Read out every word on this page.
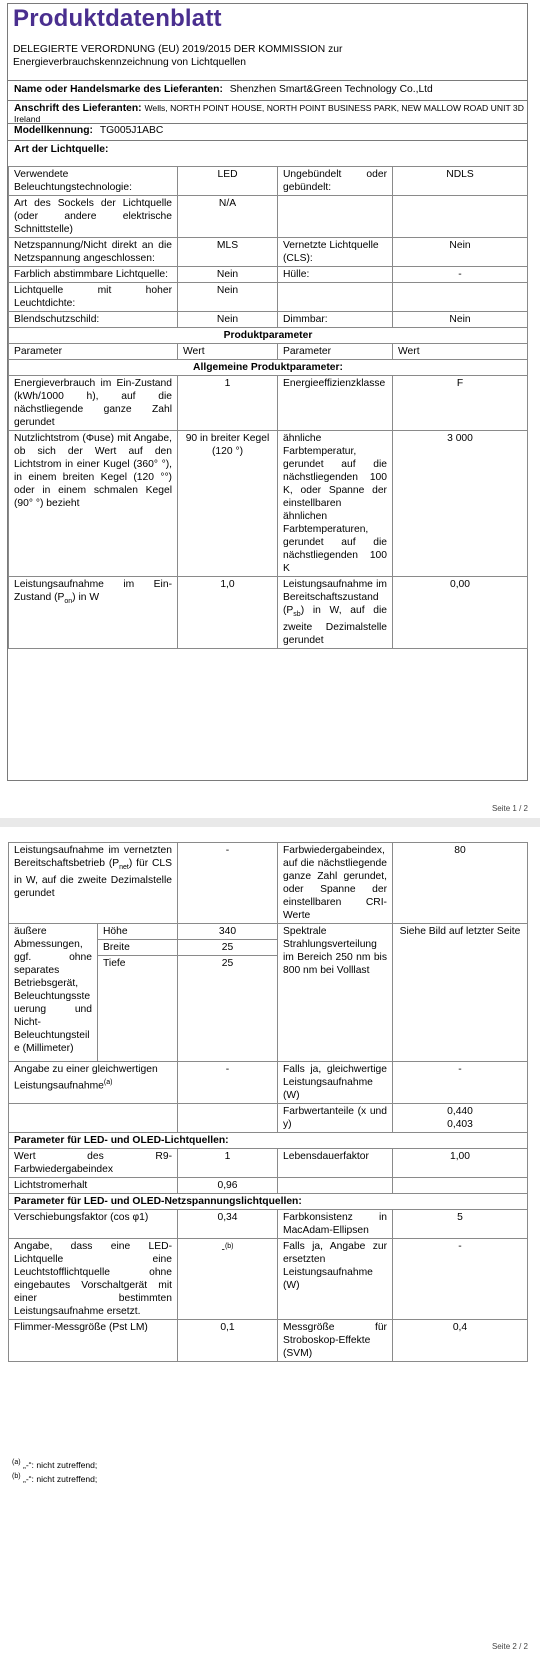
Produktdatenblatt
DELEGIERTE VERORDNUNG (EU) 2019/2015 DER KOMMISSION zur Energieverbrauchskennzeichnung von Lichtquellen
Name oder Handelsmarke des Lieferanten: Shenzhen Smart&Green Technology Co.,Ltd
Anschrift des Lieferanten: Wells, NORTH POINT HOUSE, NORTH POINT BUSINESS PARK, NEW MALLOW ROAD UNIT 3D Ireland
Modellkennung: TG005J1ABC
Art der Lichtquelle:
Verwendete Beleuchtungstechnologie:	LED	Ungebündelt oder gebündelt:	NDLS
Art des Sockels der Lichtquelle (oder andere elektrische Schnittstelle)	N/A		
Netzspannung/Nicht direkt an die Netzspannung angeschlossen:	MLS	Vernetzte Lichtquelle (CLS):	Nein
Farblich abstimmbare Lichtquelle:	Nein	Hülle:	-
Lichtquelle mit hoher Leuchtdichte:	Nein		
Blendschutzschild:	Nein	Dimmbar:	Nein
Produktparameter			
Parameter	Wert	Parameter	Wert
Allgemeine Produktparameter:			
Energieverbrauch im Ein-Zustand (kWh/1000 h), auf die nächstliegende ganze Zahl gerundet	1	Energieeffizienzklasse	F
Nutzlichtstrom (Φuse) mit Angabe, ob sich der Wert auf den Lichtstrom in einer Kugel (360° °), in einem breiten Kegel (120 °°) oder in einem schmalen Kegel (90° °) bezieht	90 in breiter Kegel (120 °)	ähnliche Farbtemperatur, gerundet auf die nächstliegenden 100 K, oder Spanne der einstellbaren ähnlichen Farbtemperaturen, gerundet auf die nächstliegenden 100 K	3 000
Leistungsaufnahme im Ein-Zustand $(P_{on})$ in W	1,0	Leistungsaufnahme im Bereitschaftszustand $(P_{sb})$ in W, auf die zweite Dezimalstelle gerundet	0,00
Seite 1 / 2
Leistungsaufnahme im vernetzten Bereitschaftsbetrieb $(P_{net})$ für CLS in W, auf die zweite Dezimalstelle gerundet		-	Farbwiedergabeindex, auf die nächstliegende ganze Zahl gerundet, oder Spanne der einstellbaren CRI-Werte	80
äußere Abmessungen, ggf. ohne separates Betriebsgerät, Beleuchtungssteuerung und Nicht-Beleuchtungsteile (Millimeter)	Höhe	340	Spektrale Strahlungsverteilung im Bereich 250 nm bis 800 nm bei Volllast	Siehe Bild auf letzter Seite
	Breite	25		
	Tiefe	25		
Angabe zu einer gleichwertigen Leistungsaufnahme$^{(a)}$		-	Falls ja, gleichwertige Leistungsaufnahme (W)	-
			Farbwertanteile (x und y)	0,440
0,403

Parameter für LED- und OLED-Lichtquellen:				
Wert des R9-Farbwiedergabeindex		1	Lebensdauerfaktor	1,00
Lichtstromerhalt		0,96		
Parameter für LED- und OLED-Netzspannungslichtquellen:				
Verschiebungsfaktor (cos φ1)		0,34	Farbkonsistenz in MacAdam-Ellipsen	5
Angabe, dass eine LED-Lichtquelle eine Leuchtstofflichtquelle ohne eingebautes Vorschaltgerät mit einer bestimmten Leistungsaufnahme ersetzt.		-$^{(b)}$	Falls ja, Angabe zur ersetzten Leistungsaufnahme (W)	-
Flimmer-Messgröße (Pst LM)		0,1	Messgröße für Stroboskop-Effekte (SVM)	0,4
$^{(a)}$ „-“: nicht zutreffend;
$^{(b)}$ „-“: nicht zutreffend;
Seite 2 / 2
